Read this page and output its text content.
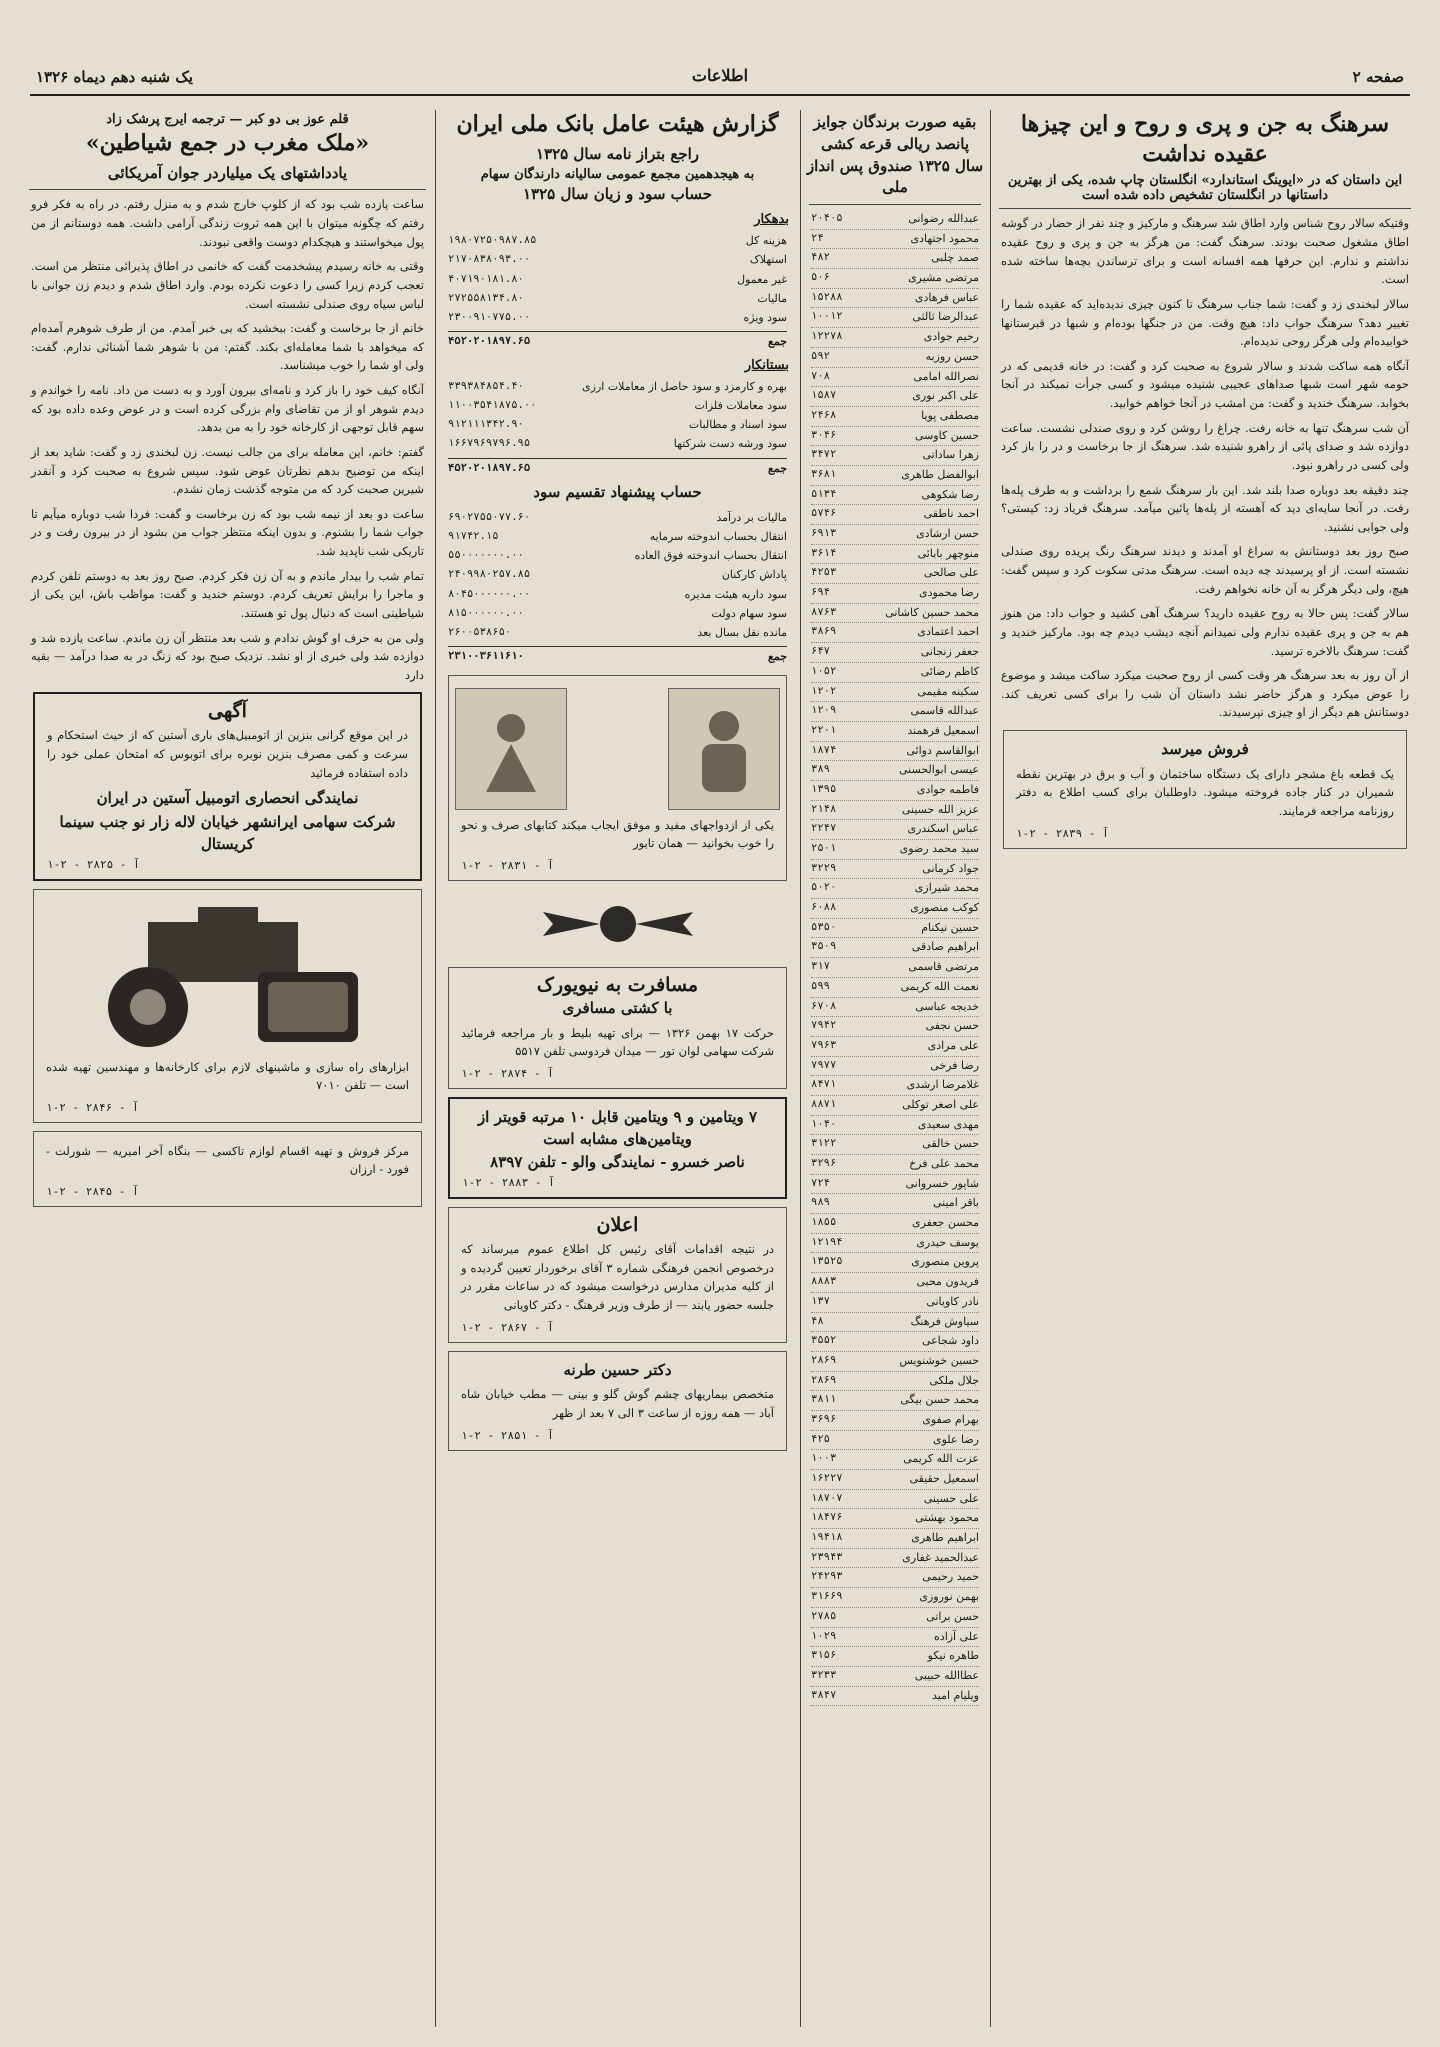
صفحه ۲
اطلاعات
یک شنبه دهم دیماه ۱۳۲۶
سرهنگ به جن و پری و روح و این چیزها عقیده نداشت
این داستان که در «ایوینگ استاندارد» انگلستان چاپ شده، یکی از بهترین داستانها در انگلستان تشخیص داده شده است

وقتیکه سالار روح شناس وارد اطاق شد سرهنگ و مارکیز و چند نفر از حضار در گوشه اطاق مشغول صحبت بودند. سرهنگ گفت: من هرگز به جن و پری و روح عقیده نداشتم و ندارم. این حرفها همه افسانه است و برای ترساندن بچه‌ها ساخته شده است.

سالار لبخندی زد و گفت: شما جناب سرهنگ تا کنون چیزی ندیده‌اید که عقیده شما را تغییر دهد؟ سرهنگ جواب داد: هیچ وقت. من در جنگها بوده‌ام و شبها در قبرستانها خوابیده‌ام ولی هرگز روحی ندیده‌ام.

آنگاه همه ساکت شدند و سالار شروع به صحبت کرد و گفت: در خانه قدیمی که در حومه شهر است شبها صداهای عجیبی شنیده میشود و کسی جرأت نمیکند در آنجا بخوابد. سرهنگ خندید و گفت: من امشب در آنجا خواهم خوابید.

آن شب سرهنگ تنها به خانه رفت. چراغ را روشن کرد و روی صندلی نشست. ساعت دوازده شد و صدای پائی از راهرو شنیده شد. سرهنگ از جا برخاست و در را باز کرد ولی کسی در راهرو نبود.

چند دقیقه بعد دوباره صدا بلند شد. این بار سرهنگ شمع را برداشت و به طرف پله‌ها رفت. در آنجا سایه‌ای دید که آهسته از پله‌ها پائین میآمد. سرهنگ فریاد زد: کیستی؟ ولی جوابی نشنید.

صبح روز بعد دوستانش به سراغ او آمدند و دیدند سرهنگ رنگ پریده روی صندلی نشسته است. از او پرسیدند چه دیده است. سرهنگ مدتی سکوت کرد و سپس گفت: هیچ، ولی دیگر هرگز به آن خانه نخواهم رفت.

سالار گفت: پس حالا به روح عقیده دارید؟ سرهنگ آهی کشید و جواب داد: من هنوز هم به جن و پری عقیده ندارم ولی نمیدانم آنچه دیشب دیدم چه بود. مارکیز خندید و گفت: سرهنگ بالاخره ترسید.

از آن روز به بعد سرهنگ هر وقت کسی از روح صحبت میکرد ساکت میشد و موضوع را عوض میکرد و هرگز حاضر نشد داستان آن شب را برای کسی تعریف کند. دوستانش هم دیگر از او چیزی نپرسیدند.

فروش میرسد

یک قطعه باغ مشجر دارای یک دستگاه ساختمان و آب و برق در بهترین نقطه شمیران در کنار جاده فروخته میشود. داوطلبان برای کسب اطلاع به دفتر روزنامه مراجعه فرمایند.

آ - ۲۸۳۹ - ۲-۱
بقیه صورت برندگان جوایز پانصد ریالی قرعه کشی سال ۱۳۲۵ صندوق پس انداز ملی
عبدالله رضوانی
۲۰۴۰۵
محمود اجتهادی
۲۴
صمد چلبی
۴۸۲
مرتضی مشیری
۵۰۶
عباس فرهادی
۱۵۲۸۸
عبدالرضا ثالثی
۱۰۰۱۲
رحیم جوادی
۱۲۲۷۸
حسن روزبه
۵۹۲
نصرالله امامی
۷۰۸
علی اکبر نوری
۱۵۸۷
مصطفی پویا
۲۴۶۸
حسین کاوسی
۳۰۴۶
زهرا ساداتی
۳۴۷۲
ابوالفضل طاهری
۳۶۸۱
رضا شکوهی
۵۱۳۴
احمد ناطقی
۵۷۴۶
حسن ارشادی
۶۹۱۳
منوچهر بابائی
۳۶۱۴
علی صالحی
۴۲۵۳
رضا محمودی
۶۹۴
محمد حسین کاشانی
۸۷۶۳
احمد اعتمادی
۳۸۶۹
جعفر زنجانی
۶۴۷
کاظم رضائی
۱۰۵۲
سکینه مقیمی
۱۲۰۲
عبدالله قاسمی
۱۲۰۹
اسمعیل فرهمند
۲۲۰۱
ابوالقاسم دوائی
۱۸۷۴
عیسی ابوالحسنی
۳۸۹
فاطمه جوادی
۱۳۹۵
عزیز الله حسینی
۲۱۴۸
عباس اسکندری
۲۲۴۷
سید محمد رضوی
۲۵۰۱
جواد کرمانی
۳۲۲۹
محمد شیرازی
۵۰۲۰
کوکب منصوری
۶۰۸۸
حسین نیکنام
۵۳۵۰
ابراهیم صادقی
۳۵۰۹
مرتضی قاسمی
۳۱۷
نعمت الله کریمی
۵۹۹
خدیجه عباسی
۶۷۰۸
حسن نجفی
۷۹۴۲
علی مرادی
۷۹۶۳
رضا فرخی
۷۹۷۷
غلامرضا ارشدی
۸۴۷۱
علی اصغر توکلی
۸۸۷۱
مهدی سعیدی
۱۰۴۰
حسن خالقی
۳۱۲۲
محمد علی فرخ
۳۲۹۶
شاپور خسروانی
۷۲۴
باقر امینی
۹۸۹
محسن جعفری
۱۸۵۵
یوسف حیدری
۱۲۱۹۴
پروین منصوری
۱۳۵۲۵
فریدون محبی
۸۸۸۳
نادر کاویانی
۱۳۷
سیاوش فرهنگ
۴۸
داود شجاعی
۳۵۵۲
حسین خوشنویس
۲۸۶۹
جلال ملکی
۲۸۶۹
محمد حسن بیگی
۳۸۱۱
بهرام صفوی
۳۶۹۶
رضا علوی
۴۲۵
عزت الله کریمی
۱۰۰۳
اسمعیل حقیقی
۱۶۲۲۷
علی حسینی
۱۸۷۰۷
محمود بهشتی
۱۸۴۷۶
ابراهیم طاهری
۱۹۴۱۸
عبدالحمید غفاری
۲۳۹۴۳
حمید رحیمی
۲۴۲۹۳
بهمن نوروزی
۳۱۶۶۹
حسن براتی
۲۷۸۵
علی آزاده
۱۰۲۹
طاهره نیکو
۳۱۵۶
عطاالله حبیبی
۳۲۳۳
ویلیام امید
۳۸۴۷
گزارش هیئت عامل بانک ملی ایران
راجع بتراز نامه سال ۱۳۲۵
به هیجدهمین مجمع عمومی سالیانه دارندگان سهام
حساب سود و زیان سال ۱۳۲۵
بدهکار
هزینه کل
۱۹۸۰۷۲۵۰۹۸۷.۸۵
استهلاک
۲۱۷۰۸۳۸۰۹۳.۰۰
غیر معمول
۴۰۷۱۹۰۱۸۱.۸۰
مالیات
۲۷۲۵۵۸۱۳۴.۸۰
سود ویژه
۲۳۰۰۹۱۰۷۷۵.۰۰
جمع
۴۵۲۰۲۰۱۸۹۷.۶۵
بستانکار
بهره و کارمزد و سود حاصل از معاملات ارزی
۳۳۹۳۸۴۸۵۴.۴۰
سود معاملات فلزات
۱۱۰۰۳۵۴۱۸۷۵.۰۰
سود اسناد و مطالبات
۹۱۲۱۱۱۳۴۲.۹۰
سود ورشه دست شرکتها
۱۶۶۷۹۶۹۷۹۶.۹۵
جمع
۴۵۲۰۲۰۱۸۹۷.۶۵
حساب پیشنهاد تقسیم سود
مالیات بر درآمد
۶۹۰۲۷۵۵۰۷۷.۶۰
انتقال بحساب اندوخته سرمایه
۹۱۷۴۲.۱۵
انتقال بحساب اندوخته فوق العاده
۵۵۰۰۰۰۰۰۰.۰۰
پاداش کارکنان
۲۴۰۹۹۸۰۲۵۷.۸۵
سود داریه هیئت مدیره
۸۰۴۵۰۰۰۰۰۰.۰۰
سود سهام دولت
۸۱۵۰۰۰۰۰۰.۰۰
مانده نقل بسال بعد
۲۶۰۰۵۳۸۶۵۰
جمع
۲۳۱۰۰۳۶۱۱۶۱۰

یکی از ازدواجهای مفید و موفق ایجاب میکند کتابهای صرف و نحو را خوب بخوانید — همان تایور

آ - ۲۸۳۱ - ۲-۱
مسافرت به نیویورک
با کشتی مسافری

حرکت ۱۷ بهمن ۱۳۲۶ — برای تهیه بلیط و بار مراجعه فرمائید شرکت سهامی لوان تور — میدان فردوسی تلفن ۵۵۱۷

آ - ۲۸۷۴ - ۲-۱
۷ ویتامین و ۹ ویتامین قابل ۱۰ مرتبه قویتر از ویتامین‌های مشابه است
ناصر خسرو - نمایندگی والو - تلفن ۸۳۹۷
آ - ۲۸۸۳ - ۲-۱
اعلان

در نتیجه اقدامات آقای رئیس کل اطلاع عموم میرساند که درخصوص انجمن فرهنگی شماره ۳ آقای برخوردار تعیین گردیده و از کلیه مدیران مدارس درخواست میشود که در ساعات مقرر در جلسه حضور یابند — از طرف وزیر فرهنگ - دکتر کاویانی

آ - ۲۸۶۷ - ۲-۱
دکتر حسین طرنه

متخصص بیماریهای چشم گوش گلو و بینی — مطب خیابان شاه آباد — همه روزه از ساعت ۳ الی ۷ بعد از ظهر

آ - ۲۸۵۱ - ۲-۱
قلم عوز بی دو کبر — ترجمه ایرج پرشک زاد
«ملک مغرب در جمع شیاطین»
یادداشتهای یک میلیاردر جوان آمریکائی

ساعت یازده شب بود که از کلوپ خارج شدم و به منزل رفتم. در راه به فکر فرو رفتم که چگونه میتوان با این همه ثروت زندگی آرامی داشت. همه دوستانم از من پول میخواستند و هیچکدام دوست واقعی نبودند.

وقتی به خانه رسیدم پیشخدمت گفت که خانمی در اطاق پذیرائی منتظر من است. تعجب کردم زیرا کسی را دعوت نکرده بودم. وارد اطاق شدم و دیدم زن جوانی با لباس سیاه روی صندلی نشسته است.

خانم از جا برخاست و گفت: ببخشید که بی خبر آمدم. من از طرف شوهرم آمده‌ام که میخواهد با شما معامله‌ای بکند. گفتم: من با شوهر شما آشنائی ندارم. گفت: ولی او شما را خوب میشناسد.

آنگاه کیف خود را باز کرد و نامه‌ای بیرون آورد و به دست من داد. نامه را خواندم و دیدم شوهر او از من تقاضای وام بزرگی کرده است و در عوض وعده داده بود که سهم قابل توجهی از کارخانه خود را به من بدهد.

گفتم: خانم، این معامله برای من جالب نیست. زن لبخندی زد و گفت: شاید بعد از اینکه من توضیح بدهم نظرتان عوض شود. سپس شروع به صحبت کرد و آنقدر شیرین صحبت کرد که من متوجه گذشت زمان نشدم.

ساعت دو بعد از نیمه شب بود که زن برخاست و گفت: فردا شب دوباره میآیم تا جواب شما را بشنوم. و بدون اینکه منتظر جواب من بشود از در بیرون رفت و در تاریکی شب ناپدید شد.

تمام شب را بیدار ماندم و به آن زن فکر کردم. صبح روز بعد به دوستم تلفن کردم و ماجرا را برایش تعریف کردم. دوستم خندید و گفت: مواظب باش، این یکی از شیاطینی است که دنبال پول تو هستند.

ولی من به حرف او گوش ندادم و شب بعد منتظر آن زن ماندم. ساعت یازده شد و دوازده شد ولی خبری از او نشد. نزدیک صبح بود که زنگ در به صدا درآمد — بقیه دارد

آگهی

در این موقع گرانی بنزین از اتومبیل‌های باری آستین که از حیث استحکام و سرعت و کمی مصرف بنزین نوبره برای اتوبوس که امتحان عملی خود را داده استفاده فرمائید

نمایندگی انحصاری اتومبیل آستین در ایران
شرکت سهامی ایرانشهر خیابان لاله زار نو جنب سینما کریستال
آ - ۲۸۲۵ - ۲-۱

ابزارهای راه سازی و ماشینهای لازم برای کارخانه‌ها و مهندسین تهیه شده است — تلفن ۷۰۱۰

آ - ۲۸۴۶ - ۲-۱

مرکز فروش و تهیه اقسام لوازم تاکسی — بنگاه آخر امیریه — شورلت - فورد - ارزان

آ - ۲۸۴۵ - ۲-۱
